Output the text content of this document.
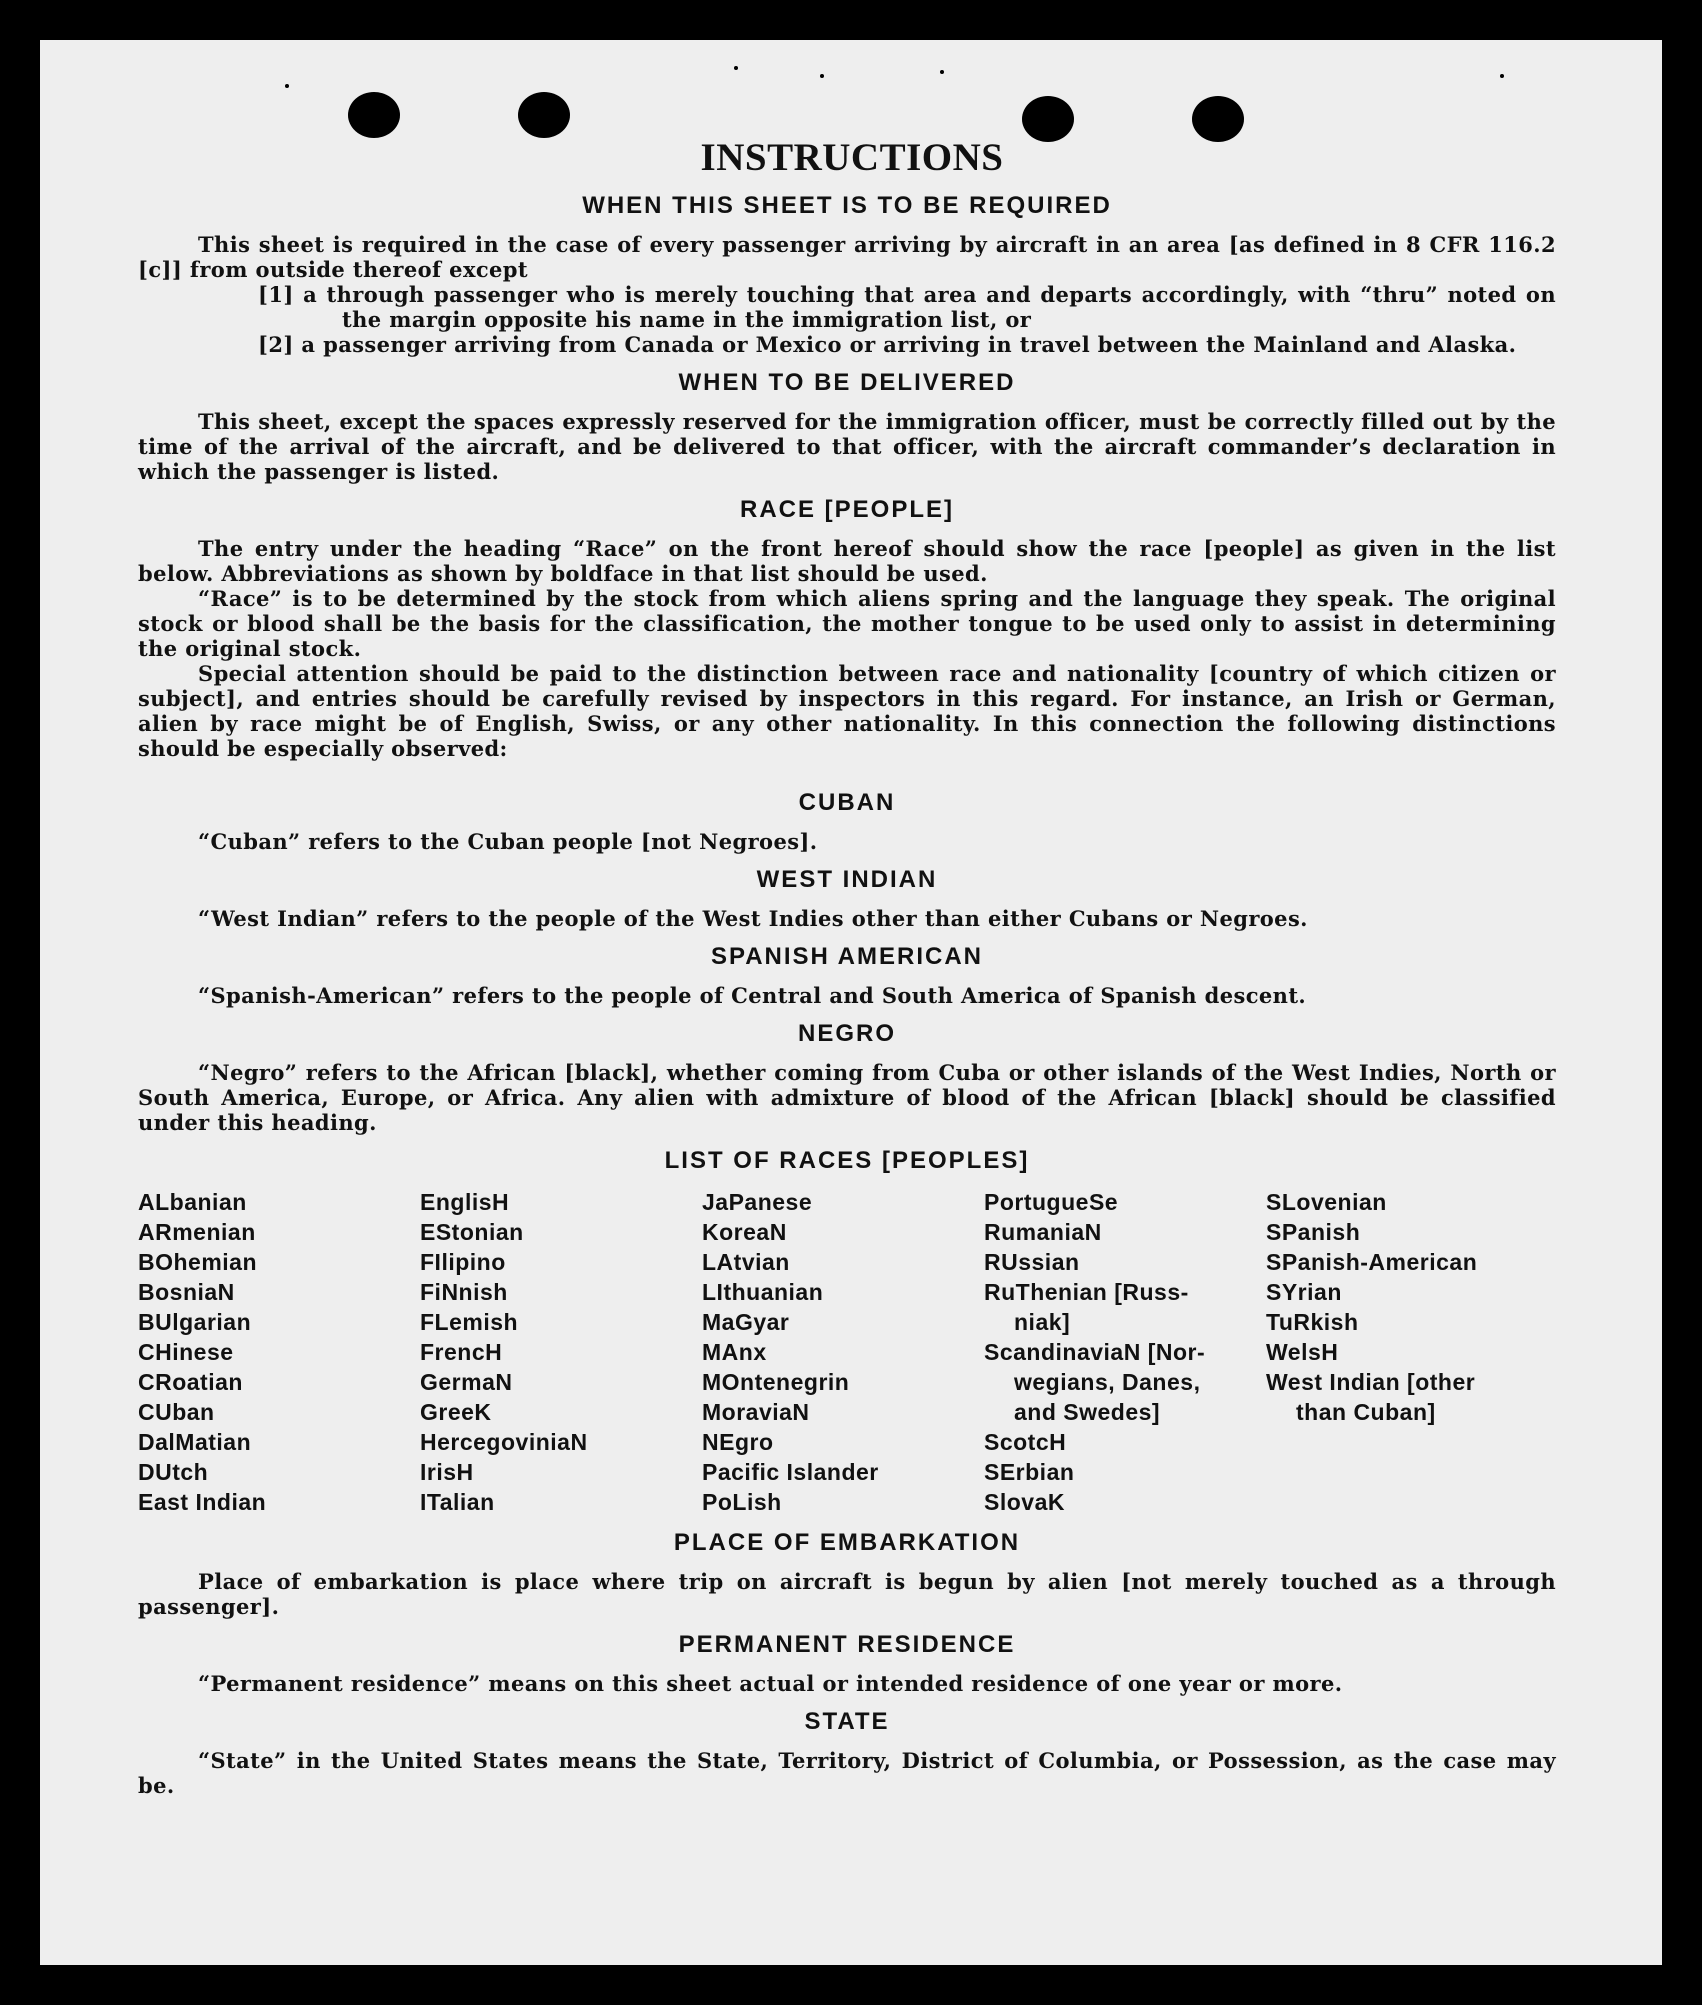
INSTRUCTIONS
WHEN THIS SHEET IS TO BE REQUIRED

This sheet is required in the case of every passenger arriving by aircraft in an area [as defined in 8 CFR 116.2 [c]] from outside thereof except

[1] a through passenger who is merely touching that area and departs accordingly, with “thru” noted on the margin opposite his name in the immigration list, or

[2] a passenger arriving from Canada or Mexico or arriving in travel between the Mainland and Alaska.

WHEN TO BE DELIVERED

This sheet, except the spaces expressly reserved for the immigration officer, must be correctly filled out by the time of the arrival of the aircraft, and be delivered to that officer, with the aircraft commander’s declaration in which the passenger is listed.

RACE [PEOPLE]

The entry under the heading “Race” on the front hereof should show the race [people] as given in the list below. Abbreviations as shown by boldface in that list should be used.

“Race” is to be determined by the stock from which aliens spring and the language they speak. The original stock or blood shall be the basis for the classification, the mother tongue to be used only to assist in determining the original stock.

Special attention should be paid to the distinction between race and nationality [country of which citizen or subject], and entries should be carefully revised by inspectors in this regard. For instance, an Irish or German, alien by race might be of English, Swiss, or any other nationality. In this connection the following distinctions should be especially observed:

CUBAN

“Cuban” refers to the Cuban people [not Negroes].

WEST INDIAN

“West Indian” refers to the people of the West Indies other than either Cubans or Negroes.

SPANISH AMERICAN

“Spanish-American” refers to the people of Central and South America of Spanish descent.

NEGRO

“Negro” refers to the African [black], whether coming from Cuba or other islands of the West Indies, North or South America, Europe, or Africa. Any alien with admixture of blood of the African [black] should be classified under this heading.

LIST OF RACES [PEOPLES]
ALbanian
ARmenian
BOhemian
BosniaN
BUlgarian
CHinese
CRoatian
CUban
DalMatian
DUtch
East Indian
EnglisH
EStonian
FIlipino
FiNnish
FLemish
FrencH
GermaN
GreeK
HercegoviniaN
IrisH
ITalian
JaPanese
KoreaN
LAtvian
LIthuanian
MaGyar
MAnx
MOntenegrin
MoraviaN
NEgro
Pacific Islander
PoLish
PortugueSe
RumaniaN
RUssian
RuThenian [Russ-
niak]
ScandinaviaN [Nor-
wegians, Danes,
and Swedes]
ScotcH
SErbian
SlovaK
SLovenian
SPanish
SPanish-American
SYrian
TuRkish
WelsH
West Indian [other
than Cuban]
PLACE OF EMBARKATION

Place of embarkation is place where trip on aircraft is begun by alien [not merely touched as a through passenger].

PERMANENT RESIDENCE

“Permanent residence” means on this sheet actual or intended residence of one year or more.

STATE

“State” in the United States means the State, Territory, District of Columbia, or Possession, as the case may be.
